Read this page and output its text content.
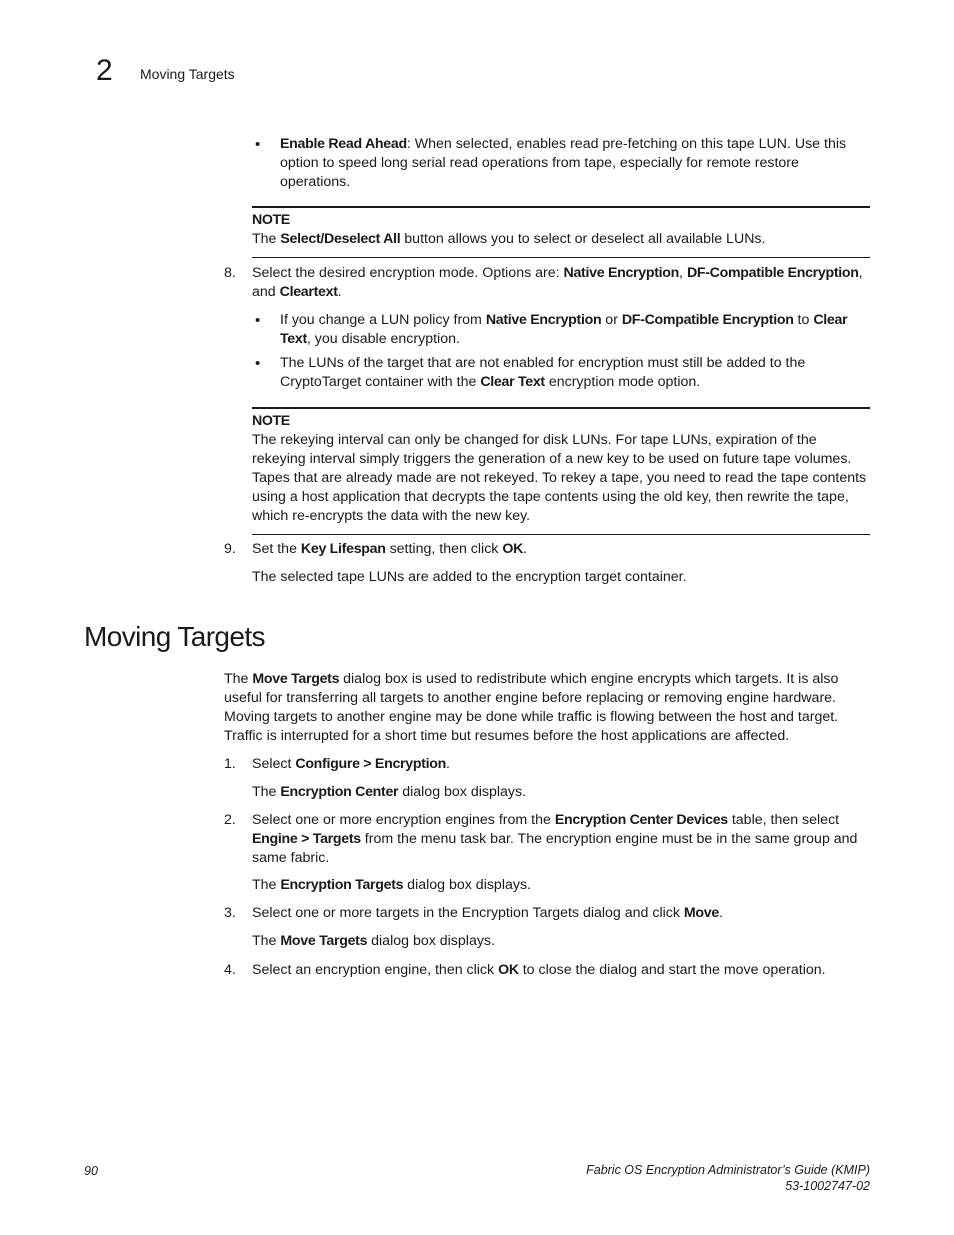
2 Moving Targets

• Enable Read Ahead: When selected, enables read pre-fetching on this tape LUN. Use this option to speed long serial read operations from tape, especially for remote restore operations.

NOTE

The Select/Deselect All button allows you to select or deselect all available LUNs.

8.	Select the desired encryption mode. Options are: Native Encryption, DF-Compatible Encryption, and Cleartext.

• If you change a LUN policy from Native Encryption or DF-Compatible Encryption to Clear Text, you disable encryption.

• The LUNs of the target that are not enabled for encryption must still be added to the CryptoTarget container with the Clear Text encryption mode option.

NOTE

The rekeying interval can only be changed for disk LUNs. For tape LUNs, expiration of the rekeying interval simply triggers the generation of a new key to be used on future tape volumes. Tapes that are already made are not rekeyed. To rekey a tape, you need to read the tape contents using a host application that decrypts the tape contents using the old key, then rewrite the tape, which re-encrypts the data with the new key.

9.	Set the Key Lifespan setting, then click OK.

The selected tape LUNs are added to the encryption target container.
Moving Targets

The Move Targets dialog box is used to redistribute which engine encrypts which targets. It is also useful for transferring all targets to another engine before replacing or removing engine hardware. Moving targets to another engine may be done while traffic is flowing between the host and target. Traffic is interrupted for a short time but resumes before the host applications are affected.

1.	Select Configure > Encryption.

The Encryption Center dialog box displays.

2.	Select one or more encryption engines from the Encryption Center Devices table, then select Engine > Targets from the menu task bar. The encryption engine must be in the same group and same fabric.

The Encryption Targets dialog box displays.

3.	Select one or more targets in the Encryption Targets dialog and click Move.

The Move Targets dialog box displays.

4.	Select an encryption engine, then click OK to close the dialog and start the move operation.

90	Fabric OS Encryption Administrator’s Guide (KMIP)
53-1002747-02
